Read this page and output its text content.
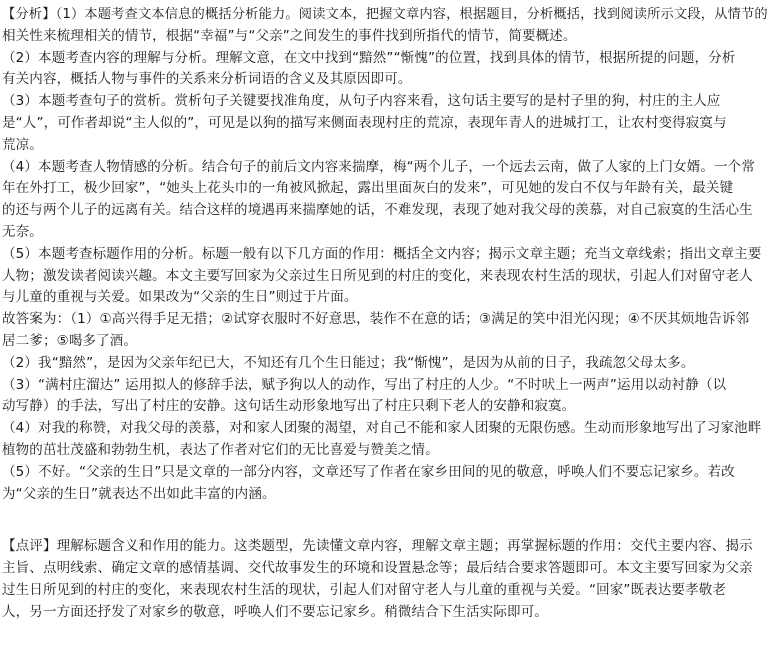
【分析】（1）本题考查文本信息的概括分析能力。阅读文本，把握文章内容，根据题目，分析概括，找到阅读所示文段，从情节的
相关性来梳理相关的情节，根据“幸福”与“父亲”之间发生的事件找到所指代的情节，简要概述。
（2）本题考查内容的理解与分析。理解文意，在文中找到“黯然”“惭愧”的位置，找到具体的情节，根据所提的问题，分析
有关内容，概括人物与事件的关系来分析词语的含义及其原因即可。
（3）本题考查句子的赏析。赏析句子关键要找准角度，从句子内容来看，这句话主要写的是村子里的狗，村庄的主人应
是“人”，可作者却说“主人似的”，可见是以狗的描写来侧面表现村庄的荒凉，表现年青人的进城打工，让农村变得寂寞与
荒凉。
（4）本题考查人物情感的分析。结合句子的前后文内容来揣摩，梅“两个儿子，一个远去云南，做了人家的上门女婿。一个常
年在外打工，极少回家”，“她头上花头巾的一角被风掀起，露出里面灰白的发来”，可见她的发白不仅与年龄有关，最关键
的还与两个儿子的远离有关。结合这样的境遇再来揣摩她的话，不难发现，表现了她对我父母的羡慕，对自己寂寞的生活心生
无奈。
（5）本题考查标题作用的分析。标题一般有以下几方面的作用：概括全文内容；揭示文章主题；充当文章线索；指出文章主要
人物；激发读者阅读兴趣。本文主要写回家为父亲过生日所见到的村庄的变化，来表现农村生活的现状，引起人们对留守老人
与儿童的重视与关爱。如果改为“父亲的生日”则过于片面。
故答案为：（1）①高兴得手足无措；②试穿衣服时不好意思，装作不在意的话；③满足的笑中泪光闪现；④不厌其烦地告诉邻
居二爹；⑤喝多了酒。
（2）我“黯然”，是因为父亲年纪已大，不知还有几个生日能过；我“惭愧”，是因为从前的日子，我疏忽父母太多。
（3）“满村庄溜达” 运用拟人的修辞手法，赋予狗以人的动作，写出了村庄的人少。“不时吠上一两声”运用以动衬静（以
动写静）的手法，写出了村庄的安静。这句话生动形象地写出了村庄只剩下老人的安静和寂寞。
（4）对我的称赞，对我父母的羡慕，对和家人团聚的渴望，对自己不能和家人团聚的无限伤感。生动而形象地写出了习家池畔
植物的茁壮茂盛和勃勃生机，表达了作者对它们的无比喜爱与赞美之情。
（5）不好。“父亲的生日”只是文章的一部分内容，文章还写了作者在家乡田间的见的敬意，呼唤人们不要忘记家乡。若改
为“父亲的生日”就表达不出如此丰富的内涵。
【点评】理解标题含义和作用的能力。这类题型，先读懂文章内容，理解文章主题；再掌握标题的作用：交代主要内容、揭示
主旨、点明线索、确定文章的感情基调、交代故事发生的环境和设置悬念等；最后结合要求答题即可。本文主要写回家为父亲
过生日所见到的村庄的变化，来表现农村生活的现状，引起人们对留守老人与儿童的重视与关爱。“回家”既表达要孝敬老
人，另一方面还抒发了对家乡的敬意，呼唤人们不要忘记家乡。稍微结合下生活实际即可。
